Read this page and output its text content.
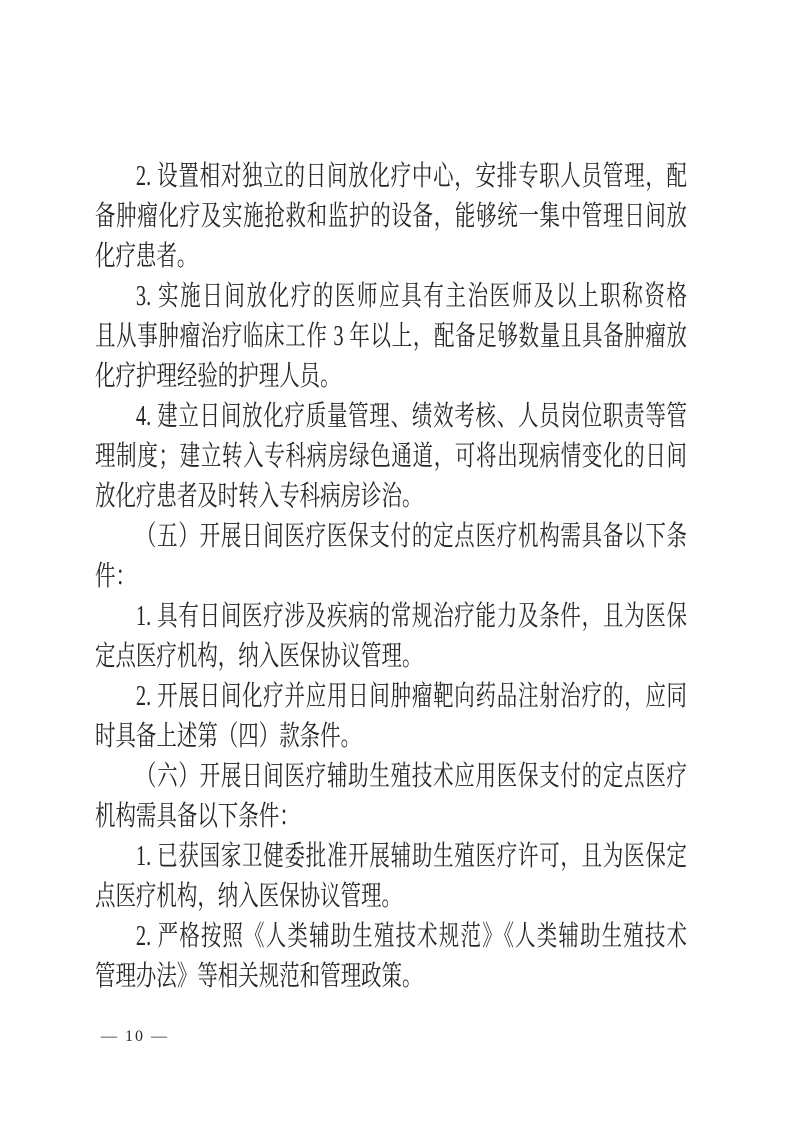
2. 设置相对独立的日间放化疗中心，安排专职人员管理，配
备肿瘤化疗及实施抢救和监护的设备，能够统一集中管理日间放
化疗患者。
3. 实施日间放化疗的医师应具有主治医师及以上职称资格
且从事肿瘤治疗临床工作 3 年以上，配备足够数量且具备肿瘤放
化疗护理经验的护理人员。
4. 建立日间放化疗质量管理、绩效考核、人员岗位职责等管
理制度；建立转入专科病房绿色通道，可将出现病情变化的日间
放化疗患者及时转入专科病房诊治。
（五）开展日间医疗医保支付的定点医疗机构需具备以下条
件：
1. 具有日间医疗涉及疾病的常规治疗能力及条件，且为医保
定点医疗机构，纳入医保协议管理。
2. 开展日间化疗并应用日间肿瘤靶向药品注射治疗的，应同
时具备上述第（四）款条件。
（六）开展日间医疗辅助生殖技术应用医保支付的定点医疗
机构需具备以下条件：
1. 已获国家卫健委批准开展辅助生殖医疗许可，且为医保定
点医疗机构，纳入医保协议管理。
2. 严格按照《人类辅助生殖技术规范》《人类辅助生殖技术
管理办法》等相关规范和管理政策。
— 10 —
